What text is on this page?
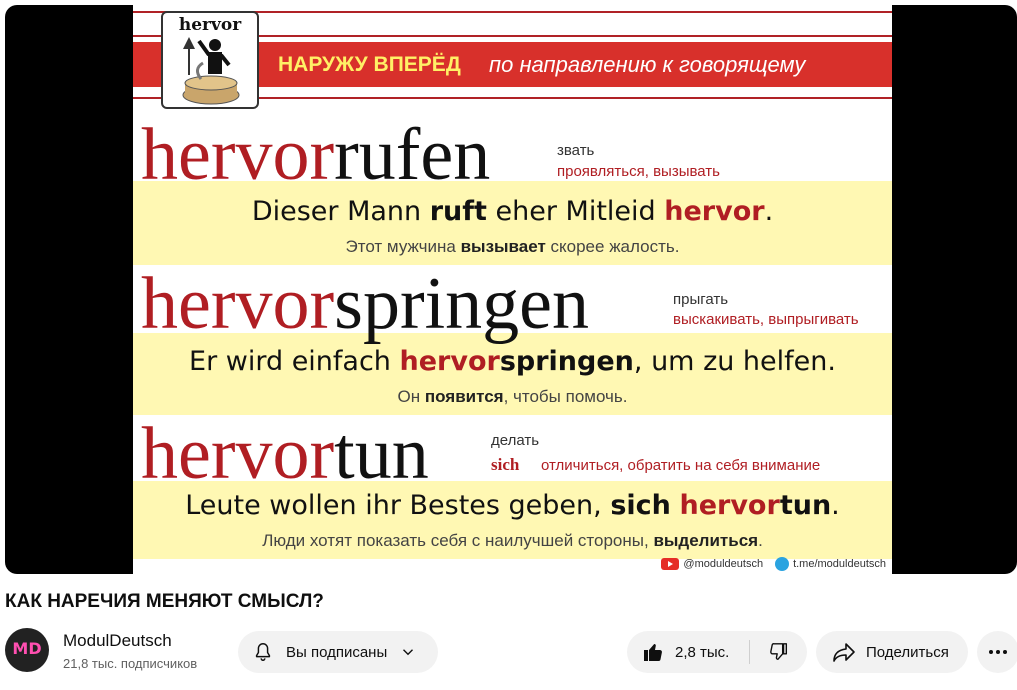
НАРУЖУ ВПЕРЁД по направлению к говорящему
hervor
hervorrufen	звать
проявляться, вызывать
Dieser Mann ruft eher Mitleid hervor.
Этот мужчина вызывает скорее жалость.
hervorspringen	прыгать
выскакивать, выпрыгивать
Er wird einfach hervorspringen, um zu helfen.
Он появится, чтобы помочь.
hervortun	делать
sich отличиться, обратить на себя внимание
Leute wollen ihr Bestes geben, sich hervortun.
Люди хотят показать себя с наилучшей стороны, выделиться.
@moduldeutsch	t.me/moduldeutsch
КАК НАРЕЧИЯ МЕНЯЮТ СМЫСЛ?
MD	ModulDeutsch
21,8 тыс. подписчиков
Вы подписаны	2,8 тыс.	Поделиться
